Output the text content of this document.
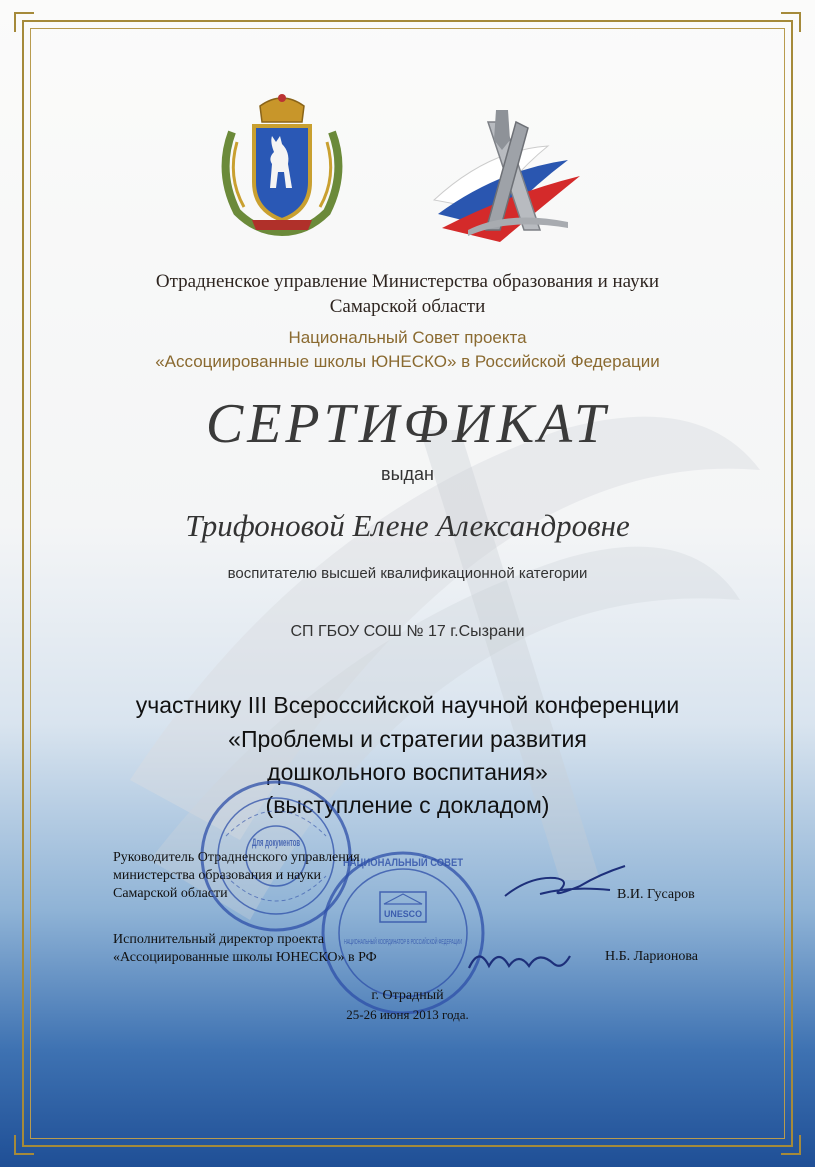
Отрадненское управление Министерства образования и науки
Самарской области
Национальный Совет проекта
«Ассоциированные школы ЮНЕСКО» в Российской Федерации
СЕРТИФИКАТ
выдан
Трифоновой Елене Александровне
воспитателю высшей квалификационной категории
СП ГБОУ СОШ № 17 г.Сызрани
участнику III Всероссийской научной конференции
«Проблемы и стратегии развития
дошкольного воспитания»
(выступление с докладом)
Для документов
НАЦИОНАЛЬНЫЙ СОВЕТ
UNESCO
НАЦИОНАЛЬНЫЙ КООРДИНАТОР В РОССИЙСКОЙ ФЕДЕРАЦИИ
Руководитель Отрадненского управления
министерства образования и науки
Самарской области	В.И. Гусаров
Исполнительный директор проекта
«Ассоциированные школы ЮНЕСКО» в РФ	Н.Б. Ларионова
г. Отрадный
25-26 июня 2013 года.
